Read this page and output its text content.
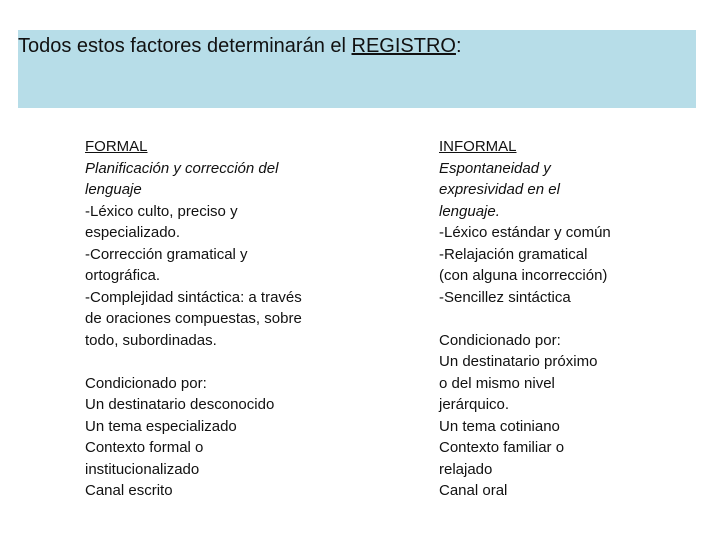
Todos estos factores determinarán el REGISTRO:
FORMAL
Planificación y corrección del
lenguaje
-Léxico culto, preciso y
especializado.
-Corrección gramatical y
ortográfica.
-Complejidad sintáctica: a través
de oraciones compuestas, sobre
todo, subordinadas.
Condicionado por:
Un destinatario desconocido
Un tema especializado
Contexto formal o
institucionalizado
Canal escrito
INFORMAL
Espontaneidad y
expresividad en el
lenguaje.
-Léxico estándar y común
-Relajación gramatical
(con alguna incorrección)
-Sencillez sintáctica
Condicionado por:
Un destinatario próximo
o del mismo nivel
jerárquico.
Un tema cotiniano
Contexto familiar o
relajado
Canal oral
